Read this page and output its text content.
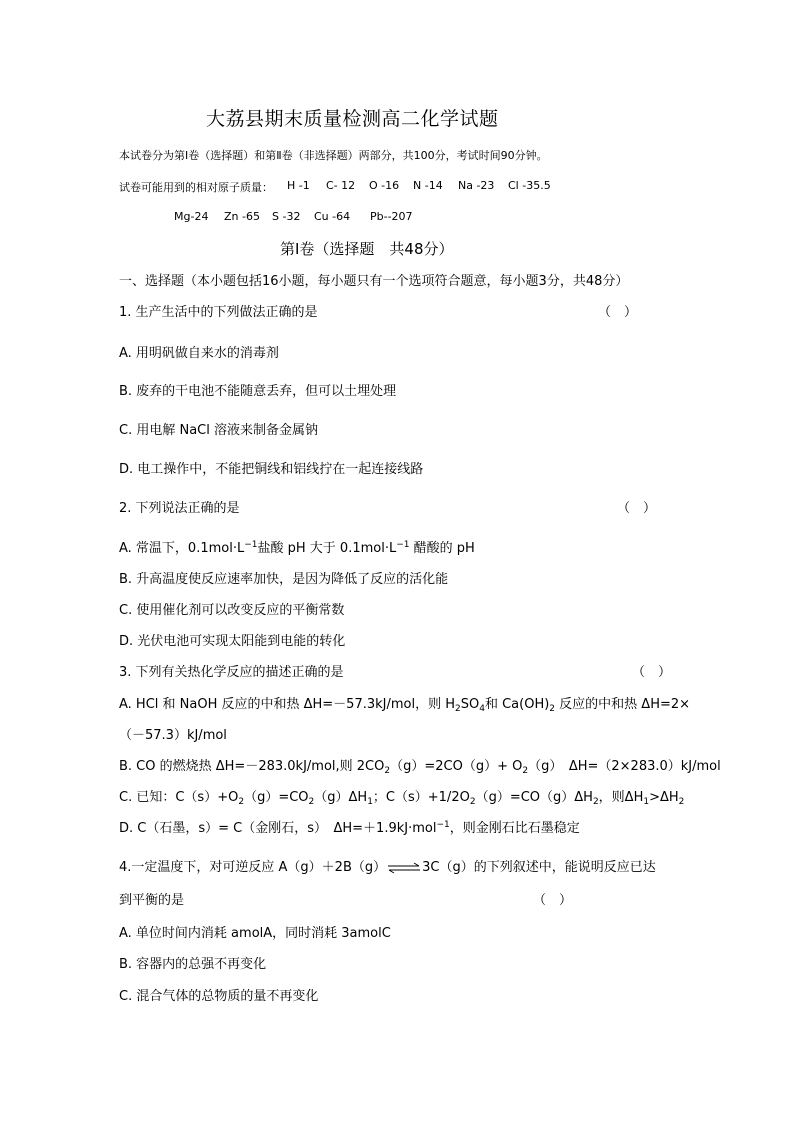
大荔县期末质量检测高二化学试题
本试卷分为第Ⅰ卷（选择题）和第Ⅱ卷（非选择题）两部分，共100分，考试时间90分钟。
试卷可能用到的相对原子质量： H -1 C- 12 O -16 N -14 Na -23 Cl -35.5
Mg-24 Zn -65 S -32 Cu -64 Pb--207
第Ⅰ卷（选择题　共48分）
一、选择题（本小题包括16小题，每小题只有一个选项符合题意，每小题3分，共48分）
1. 生产生活中的下列做法正确的是	（　）
A. 用明矾做自来水的消毒剂
B. 废弃的干电池不能随意丢弃，但可以土埋处理
C. 用电解 NaCl 溶液来制备金属钠
D. 电工操作中，不能把铜线和铝线拧在一起连接线路
2. 下列说法正确的是	（　）
A. 常温下，$0.1mol\cdot L^{-1}$盐酸 pH 大于 $0.1mol\cdot L^{-1}$ 醋酸的 pH
B. 升高温度使反应速率加快，是因为降低了反应的活化能
C. 使用催化剂可以改变反应的平衡常数
D. 光伏电池可实现太阳能到电能的转化
3. 下列有关热化学反应的描述正确的是	（　）
A. HCl 和 NaOH 反应的中和热 ΔH=－57.3kJ/mol，则 $H_2SO_4$和 $Ca(OH)_2$ 反应的中和热 ΔH=2×
（－57.3）kJ/mol
B. CO 的燃烧热 ΔH=－283.0kJ/mol,则 $2CO_2(g)=2CO(g)+ O_2(g)$　ΔH=（2×283.0）kJ/mol
C. 已知：$C(s)+O_2(g)=CO_2(g)\Delta H_1$；$C(s)+1/2O_2(g)=CO(g)\Delta H_2$，则$\Delta H_1>\Delta H_2$
D. C（石墨，s）= C（金刚石，s）　ΔH=＋1.9kJ·mol$^{-1}$，则金刚石比石墨稳定
4.一定温度下，对可逆反应 A（g）＋2B（g）⇌3C（g）的下列叙述中，能说明反应已达
到平衡的是	（　）
A. 单位时间内消耗 amolA，同时消耗 3amolC
B. 容器内的总强不再变化
C. 混合气体的总物质的量不再变化
